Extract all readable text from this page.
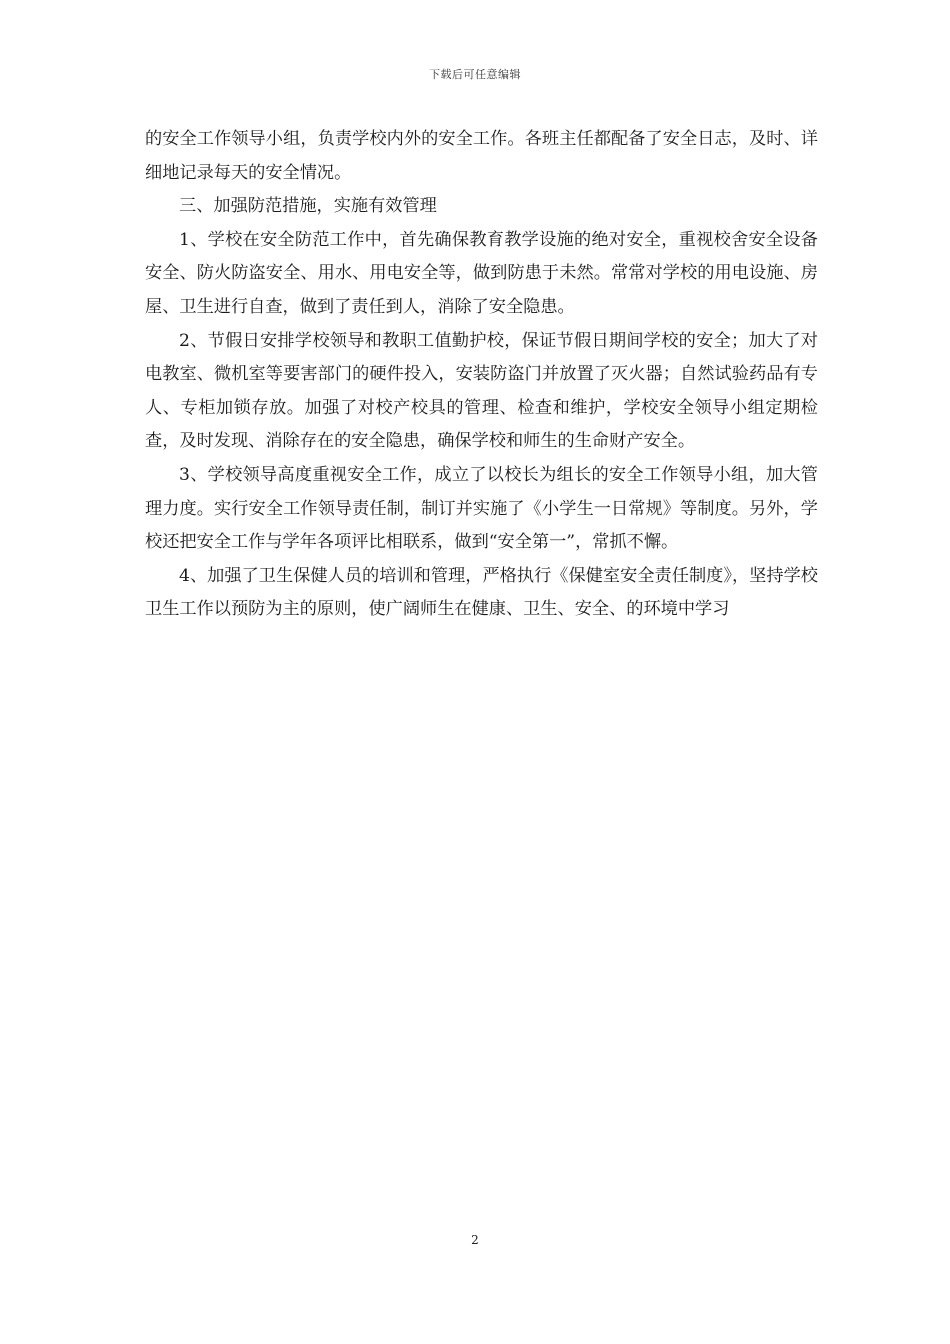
下载后可任意编辑

的安全工作领导小组，负责学校内外的安全工作。各班主任都配备了安全日志，及时、详细地记录每天的安全情况。

三、加强防范措施，实施有效管理

1、学校在安全防范工作中，首先确保教育教学设施的绝对安全，重视校舍安全设备安全、防火防盗安全、用水、用电安全等，做到防患于未然。常常对学校的用电设施、房屋、卫生进行自查，做到了责任到人，消除了安全隐患。

2、节假日安排学校领导和教职工值勤护校，保证节假日期间学校的安全；加大了对电教室、微机室等要害部门的硬件投入，安装防盗门并放置了灭火器；自然试验药品有专人、专柜加锁存放。加强了对校产校具的管理、检查和维护，学校安全领导小组定期检查，及时发现、消除存在的安全隐患，确保学校和师生的生命财产安全。

3、学校领导高度重视安全工作，成立了以校长为组长的安全工作领导小组，加大管理力度。实行安全工作领导责任制，制订并实施了《小学生一日常规》等制度。另外，学校还把安全工作与学年各项评比相联系，做到“安全第一”，常抓不懈。

4、加强了卫生保健人员的培训和管理，严格执行《保健室安全责任制度》，坚持学校卫生工作以预防为主的原则，使广阔师生在健康、卫生、安全、的环境中学习

2
